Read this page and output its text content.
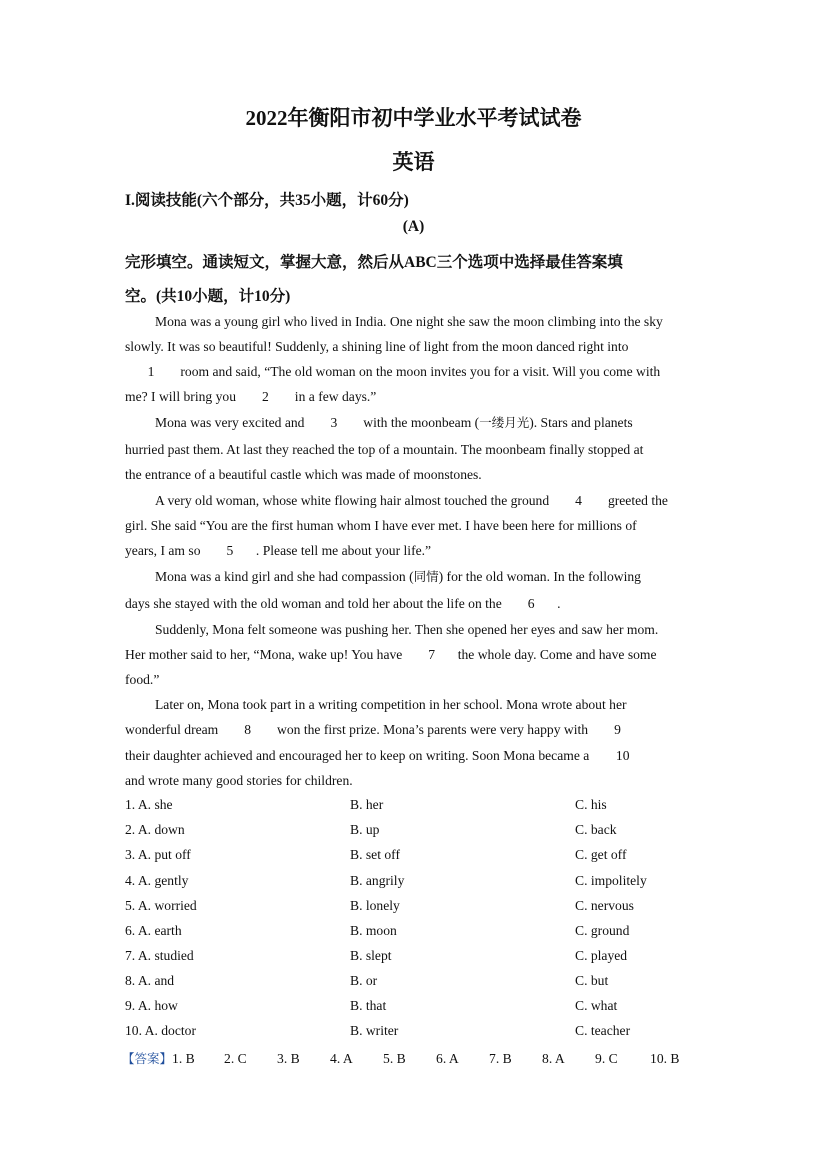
2022年衡阳市初中学业水平考试试卷
英语
I.阅读技能(六个部分，共35小题，计60分)
(A)
完形填空。通读短文，掌握大意，然后从ABC三个选项中选择最佳答案填
空。(共10小题，计10分)
Mona was a young girl who lived in India. One night she saw the moon climbing into the sky
slowly. It was so beautiful! Suddenly, a shining line of light from the moon danced right into
1 room and said, “The old woman on the moon invites you for a visit. Will you come with
me? I will bring you 2 in a few days.”
Mona was very excited and 3 with the moonbeam (一缕月光). Stars and planets
hurried past them. At last they reached the top of a mountain. The moonbeam finally stopped at
the entrance of a beautiful castle which was made of moonstones.
A very old woman, whose white flowing hair almost touched the ground 4 greeted the
girl. She said “You are the first human whom I have ever met. I have been here for millions of
years, I am so 5 . Please tell me about your life.”
Mona was a kind girl and she had compassion (同情) for the old woman. In the following
days she stayed with the old woman and told her about the life on the 6 .
Suddenly, Mona felt someone was pushing her. Then she opened her eyes and saw her mom.
Her mother said to her, “Mona, wake up! You have 7 the whole day. Come and have some
food.”
Later on, Mona took part in a writing competition in her school. Mona wrote about her
wonderful dream 8 won the first prize. Mona’s parents were very happy with 9
their daughter achieved and encouraged her to keep on writing. Soon Mona became a 10
and wrote many good stories for children.
1. A. she	B. her	C. his
2. A. down	B. up	C. back
3. A. put off	B. set off	C. get off
4. A. gently	B. angrily	C. impolitely
5. A. worried	B. lonely	C. nervous
6. A. earth	B. moon	C. ground
7. A. studied	B. slept	C. played
8. A. and	B. or	C. but
9. A. how	B. that	C. what
10. A. doctor	B. writer	C. teacher
【答案】1. B 2. C 3. B 4. A 5. B 6. A 7. B 8. A 9. C 10. B
